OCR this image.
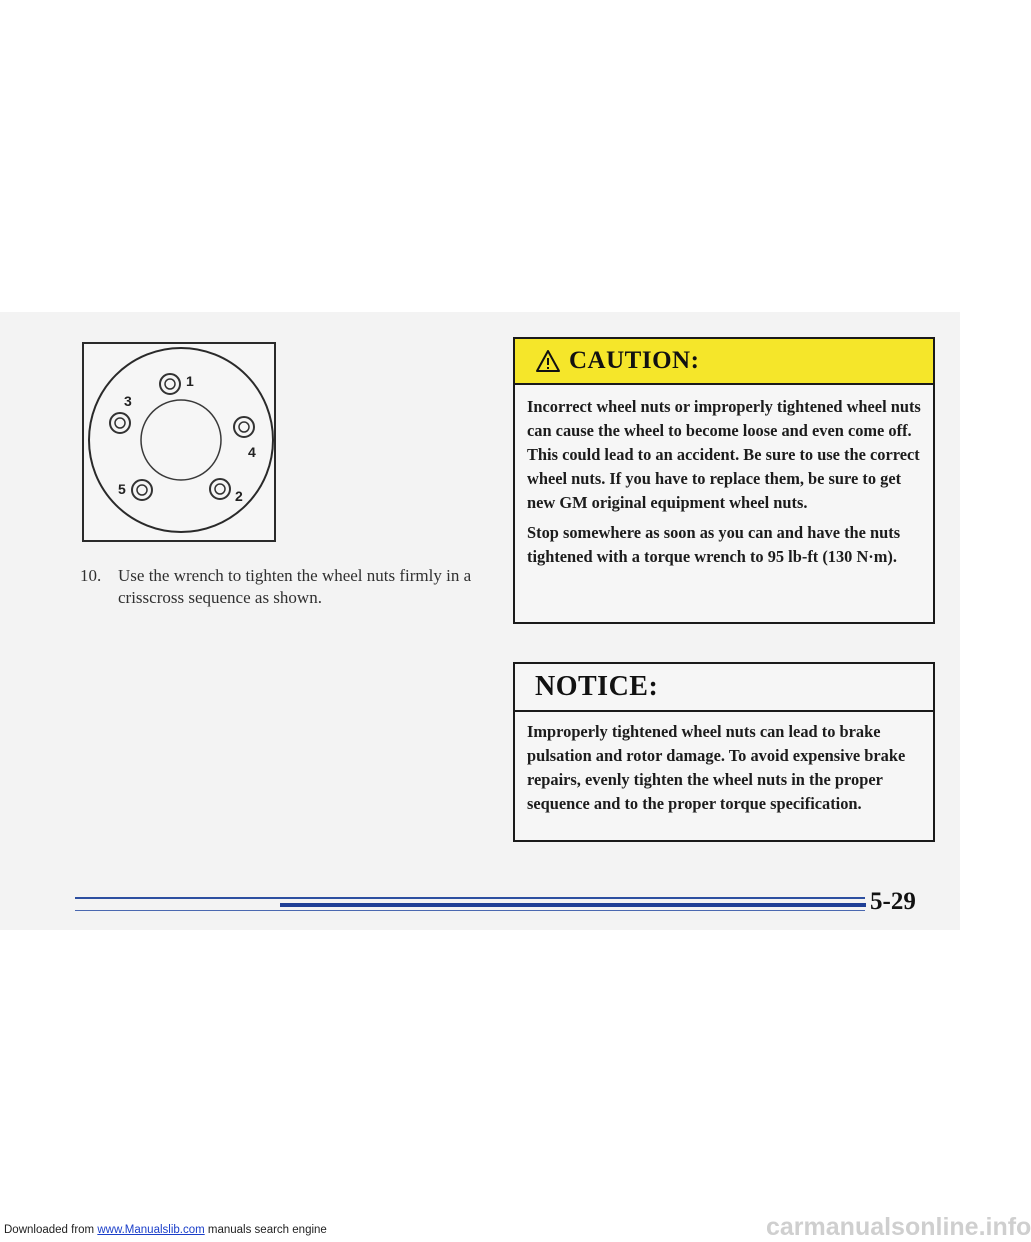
1
2
3
4
5
10. Use the wrench to tighten the wheel nuts firmly in a crisscross sequence as shown.
CAUTION:

Incorrect wheel nuts or improperly tightened wheel nuts can cause the wheel to become loose and even come off. This could lead to an accident. Be sure to use the correct wheel nuts. If you have to replace them, be sure to get new GM original equipment wheel nuts.

Stop somewhere as soon as you can and have the nuts tightened with a torque wrench to 95 lb-ft (130 N·m).

NOTICE:
Improperly tightened wheel nuts can lead to brake pulsation and rotor damage. To avoid expensive brake repairs, evenly tighten the wheel nuts in the proper sequence and to the proper torque specification.
5-29
Downloaded from www.Manualslib.com manuals search engine	carmanualsonline.info
